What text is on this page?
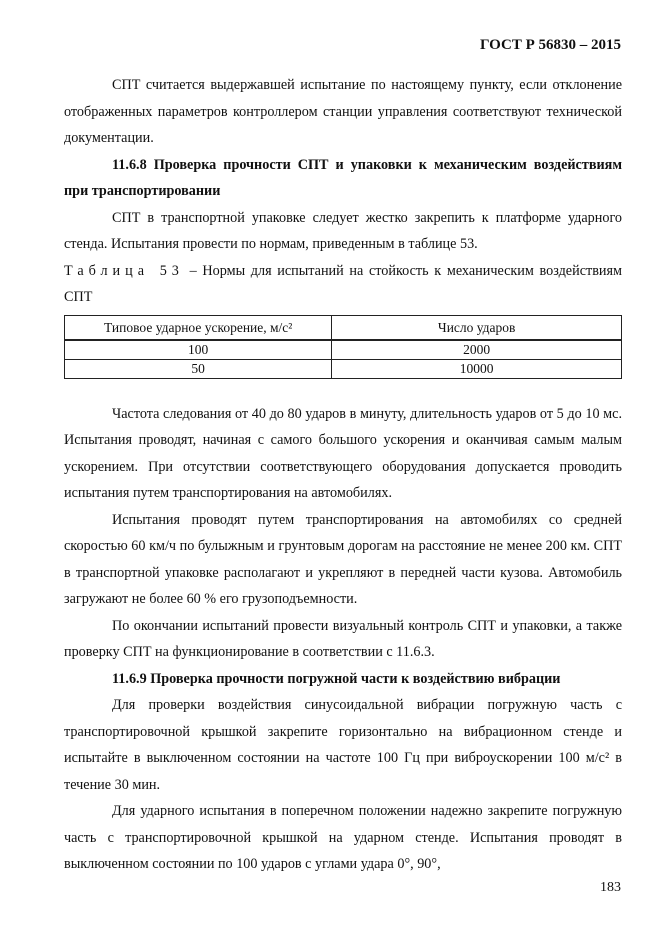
ГОСТ Р 56830 – 2015

СПТ считается выдержавшей испытание по настоящему пункту, если отклонение отображенных параметров контроллером станции управления соответствуют технической документации.

11.6.8 Проверка прочности СПТ и упаковки к механическим воздействиям при транспортировании

СПТ в транспортной упаковке следует жестко закрепить к платформе ударного стенда. Испытания провести по нормам, приведенным в таблице 53.

Таблица 53 – Нормы для испытаний на стойкость к механическим воздействиям СПТ

Типовое ударное ускорение, м/с²	Число ударов
100	2000
50	10000

Частота следования от 40 до 80 ударов в минуту, длительность ударов от 5 до 10 мс. Испытания проводят, начиная с самого большого ускорения и оканчивая самым малым ускорением. При отсутствии соответствующего оборудования допускается проводить испытания путем транспортирования на автомобилях.

Испытания проводят путем транспортирования на автомобилях со средней скоростью 60 км/ч по булыжным и грунтовым дорогам на расстояние не менее 200 км. СПТ в транспортной упаковке располагают и укрепляют в передней части кузова. Автомобиль загружают не более 60 % его грузоподъемности.

По окончании испытаний провести визуальный контроль СПТ и упаковки, а также проверку СПТ на функционирование в соответствии с 11.6.3.

11.6.9 Проверка прочности погружной части к воздействию вибрации

Для проверки воздействия синусоидальной вибрации погружную часть с транспортировочной крышкой закрепите горизонтально на вибрационном стенде и испытайте в выключенном состоянии на частоте 100 Гц при виброускорении 100 м/с² в течение 30 мин.

Для ударного испытания в поперечном положении надежно закрепите погружную часть с транспортировочной крышкой на ударном стенде. Испытания проводят в выключенном состоянии по 100 ударов с углами удара 0°, 90°,

183
